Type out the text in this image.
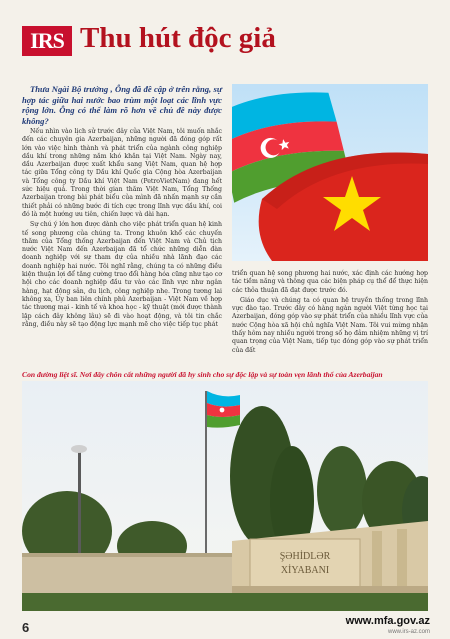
IRS Thu hút độc giả

Thưa Ngài Bộ trưởng , Ông đã đề cập ở trên rằng, sự hợp tác giữa hai nước bao trùm một loạt các lĩnh vực rộng lớn. Ông có thể làm rõ hơn về chủ đề này được không?

Nếu nhìn vào lịch sử trước đây của Việt Nam, tôi muốn nhắc đến các chuyên gia Azerbaijan, những người đã đóng góp rất lớn vào việc hình thành và phát triển của ngành công nghiệp dầu khí trong những năm khó khăn tại Việt Nam. Ngày nay, dầu Azerbaijan được xuất khẩu sang Việt Nam, quan hệ hợp tác giữa Tổng công ty Dầu khí Quốc gia Cộng hòa Azerbaijan và Tổng công ty Dầu khí Việt Nam (PetroVietNam) đang hết sức hiệu quả. Trong thời gian thăm Việt Nam, Tổng Thống Azerbaijan trong bài phát biểu của mình đã nhấn mạnh sự cần thiết phải có những bước đi tích cực trong lĩnh vực dầu khí, coi đó là một hướng ưu tiên, chiến lược và dài hạn.

Sự chú ý lớn hơn được dành cho việc phát triển quan hệ kinh tế song phương của chúng ta. Trong khuôn khổ các chuyến thăm của Tổng thống Azerbaijan đến Việt Nam và Chủ tịch nước Việt Nam đến Azerbaijan đã tổ chức những diễn đàn doanh nghiệp với sự tham dự của nhiều nhà lãnh đạo các doanh nghiệp hai nước. Tôi nghĩ rằng, chúng ta có những điều kiện thuận lợi để tăng cường trao đổi hàng hóa cũng như tạo cơ hội cho các doanh nghiệp đầu tư vào các lĩnh vực như ngân hàng, hạt động sản, du lịch, công nghiệp nhẹ. Trong tương lai không xa, Ủy ban liên chính phủ Azerbaijan - Việt Nam về hợp tác thương mại - kinh tế và khoa học - kỹ thuật (mới được thành lập cách đây không lâu) sẽ đi vào hoạt động, và tôi tin chắc rằng, điều này sẽ tạo động lực mạnh mẽ cho việc tiếp tục phát

triển quan hệ song phương hai nước, xác định các hướng hợp tác tiềm năng và thông qua các biện pháp cụ thể để thực hiện các thỏa thuận đã đạt được trước đó.

Giáo dục và chúng ta có quan hệ truyền thống trong lĩnh vực đào tạo. Trước đây có hàng ngàn người Việt từng học tại Azerbaijan, đóng góp vào sự phát triển của nhiều lĩnh vực của nước Cộng hòa xã hội chủ nghĩa Việt Nam. Tôi vui mừng nhận thấy hôm nay nhiều người trong số họ đảm nhiệm những vị trí quan trọng của Việt Nam, tiếp tục đóng góp vào sự phát triển của đất

Con đường liệt sĩ. Nơi đây chôn cất những người đã hy sinh cho sự độc lập và sự toàn vẹn lãnh thổ của Azerbaijan
ŞƏHİDLƏR
XİYABANI
6	www.mfa.gov.az
www.irs-az.com
